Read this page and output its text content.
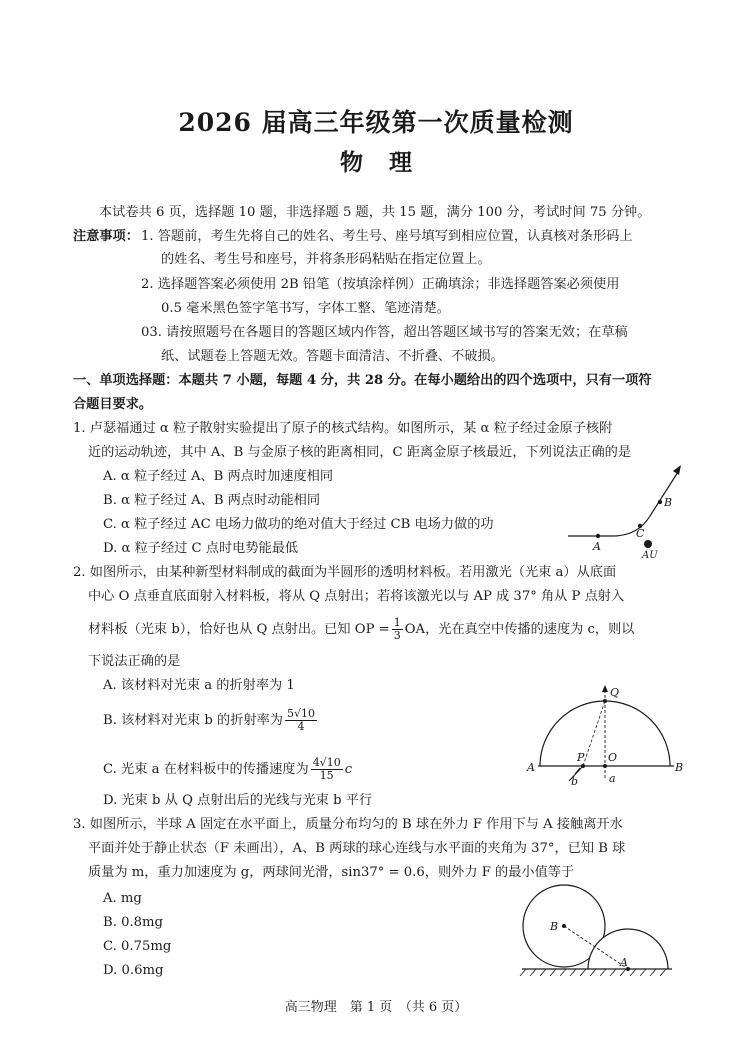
2026 届高三年级第一次质量检测
物理
本试卷共 6 页，选择题 10 题，非选择题 5 题，共 15 题，满分 100 分，考试时间 75 分钟。
注意事项： 1. 答题前，考生先将自己的姓名、考生号、座号填写到相应位置，认真核对条形码上
的姓名、考生号和座号，并将条形码粘贴在指定位置上。
2. 选择题答案必须使用 2B 铅笔（按填涂样例）正确填涂；非选择题答案必须使用
0.5 毫米黑色签字笔书写，字体工整、笔迹清楚。
03. 请按照题号在各题目的答题区域内作答，超出答题区域书写的答案无效；在草稿
纸、试题卷上答题无效。答题卡面清洁、不折叠、不破损。
一、单项选择题：本题共 7 小题，每题 4 分，共 28 分。在每小题给出的四个选项中，只有一项符
合题目要求。
1. 卢瑟福通过 α 粒子散射实验提出了原子的核式结构。如图所示，某 α 粒子经过金原子核附
近的运动轨迹，其中 A、B 与金原子核的距离相同，C 距离金原子核最近，下列说法正确的是
A. α 粒子经过 A、B 两点时加速度相同
B. α 粒子经过 A、B 两点时动能相同
C. α 粒子经过 AC 电场力做功的绝对值大于经过 CB 电场力做的功
D. α 粒子经过 C 点时电势能最低	A
C
B
AU
2. 如图所示，由某种新型材料制成的截面为半圆形的透明材料板。若用激光（光束 a）从底面
中心 O 点垂直底面射入材料板，将从 Q 点射出；若将该激光以与 AP 成 37° 角从 P 点射入
材料板（光束 b），恰好也从 Q 点射出。已知 OP = $\frac{1}{3}$ OA，光在真空中传播的速度为 c，则以
下说法正确的是
A. 该材料对光束 a 的折射率为 1
B. 该材料对光束 b 的折射率为 $\frac{5√10}{4}$
C. 光束 a 在材料板中的传播速度为 $\frac{4√10}{15}$ c
D. 光束 b 从 Q 点射出后的光线与光束 b 平行
Q
P O
A	B
a
b
3. 如图所示，半球 A 固定在水平面上，质量分布均匀的 B 球在外力 F 作用下与 A 接触离开水
平面并处于静止状态（F 未画出），A、B 两球的球心连线与水平面的夹角为 37°，已知 B 球
质量为 m，重力加速度为 g，两球间光滑，sin37° = 0.6，则外力 F 的最小值等于
A. mg
B. 0.8mg
C. 0.75mg
D. 0.6mg
B
A
高三物理　第 1 页　（共 6 页）
